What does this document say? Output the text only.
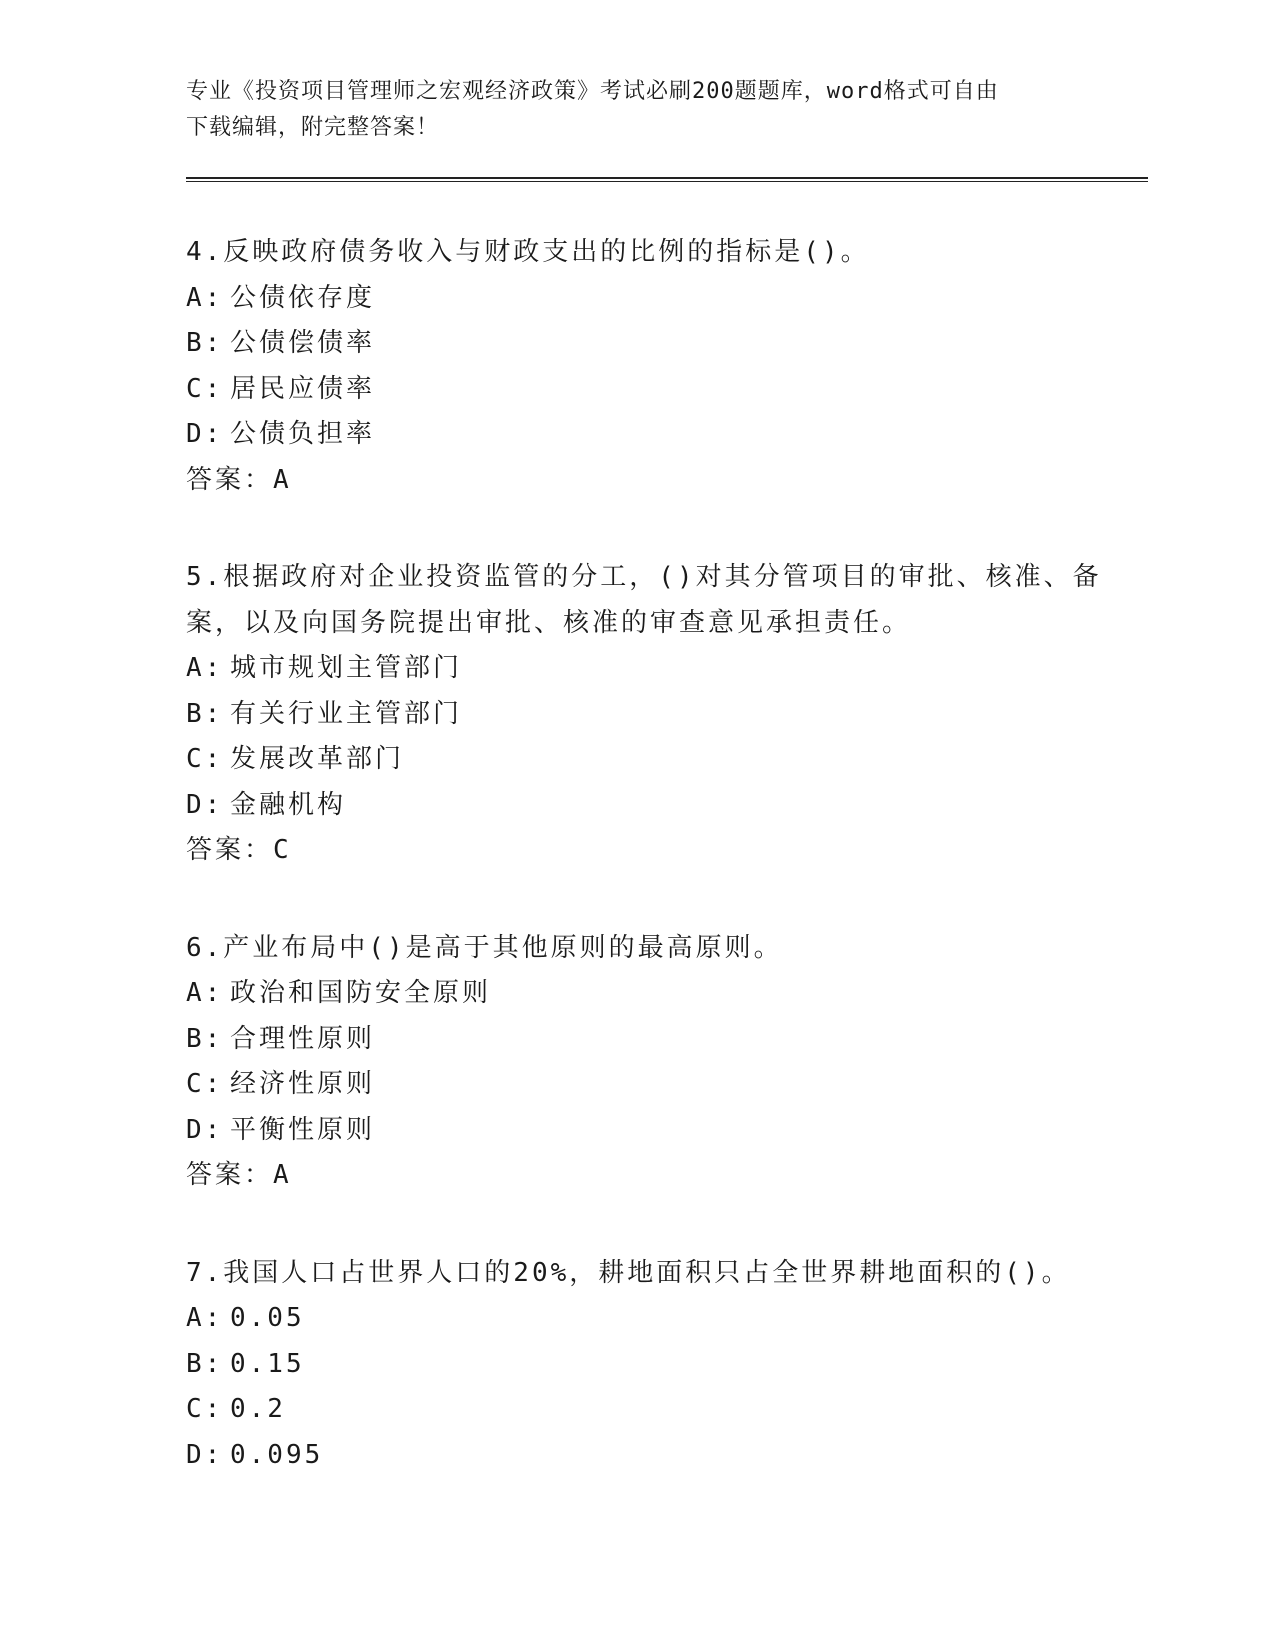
专业《投资项目管理师之宏观经济政策》考试必刷200题题库，word格式可自由
下载编辑，附完整答案！
4.反映政府债务收入与财政支出的比例的指标是()。
A: 公债依存度
B: 公债偿债率
C: 居民应债率
D: 公债负担率
答案：A
5.根据政府对企业投资监管的分工，()对其分管项目的审批、核准、备案，以及向国务院提出审批、核准的审查意见承担责任。
A: 城市规划主管部门
B: 有关行业主管部门
C: 发展改革部门
D: 金融机构
答案：C
6.产业布局中()是高于其他原则的最高原则。
A: 政治和国防安全原则
B: 合理性原则
C: 经济性原则
D: 平衡性原则
答案：A
7.我国人口占世界人口的20%，耕地面积只占全世界耕地面积的()。
A: 0.05
B: 0.15
C: 0.2
D: 0.095
